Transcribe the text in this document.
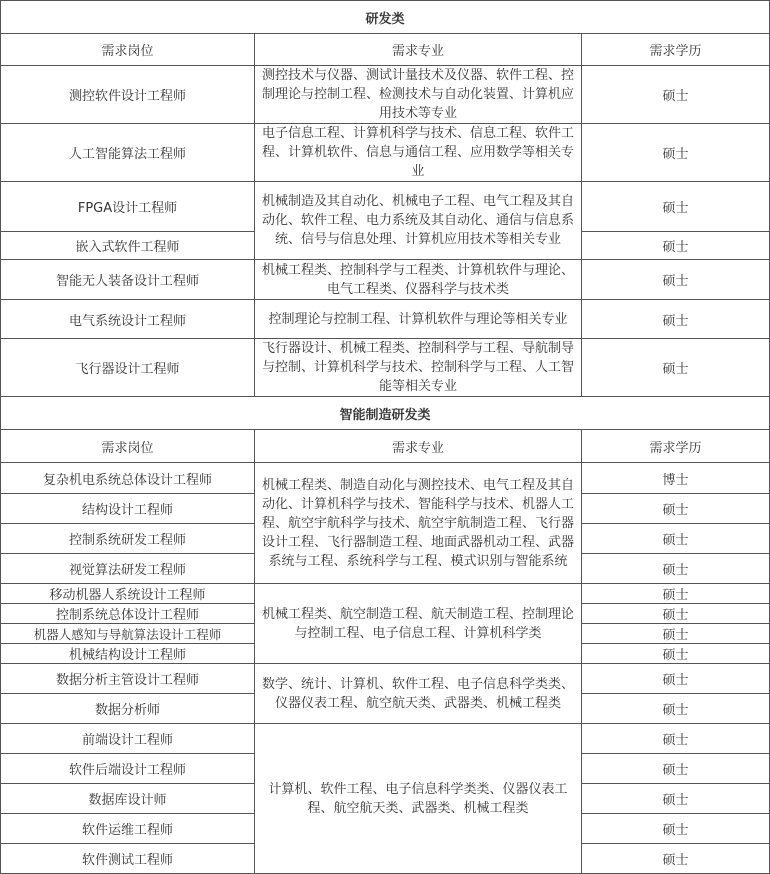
研发类		
需求岗位	需求专业	需求学历
测控软件设计工程师	测控技术与仪器、测试计量技术及仪器、软件工程、控制理论与控制工程、检测技术与自动化装置、计算机应用技术等专业	硕士
人工智能算法工程师	电子信息工程、计算机科学与技术、信息工程、软件工程、计算机软件、信息与通信工程、应用数学等相关专业	硕士
FPGA设计工程师	机械制造及其自动化、机械电子工程、电气工程及其自动化、软件工程、电力系统及其自动化、通信与信息系统、信号与信息处理、计算机应用技术等相关专业	硕士
嵌入式软件工程师		硕士
智能无人装备设计工程师	机械工程类、控制科学与工程类、计算机软件与理论、电气工程类、仪器科学与技术类	硕士
电气系统设计工程师	控制理论与控制工程、计算机软件与理论等相关专业	硕士
飞行器设计工程师	飞行器设计、机械工程类、控制科学与工程、导航制导与控制、计算机科学与技术、控制科学与工程、人工智能等相关专业	硕士
智能制造研发类		
需求岗位	需求专业	需求学历
复杂机电系统总体设计工程师	机械工程类、制造自动化与测控技术、电气工程及其自动化、计算机科学与技术、智能科学与技术、机器人工程、航空宇航科学与技术、航空宇航制造工程、飞行器设计工程、飞行器制造工程、地面武器机动工程、武器系统与工程、系统科学与工程、模式识别与智能系统	博士
结构设计工程师		硕士
控制系统研发工程师		硕士
视觉算法研发工程师		硕士
移动机器人系统设计工程师	机械工程类、航空制造工程、航天制造工程、控制理论与控制工程、电子信息工程、计算机科学类	硕士
控制系统总体设计工程师		硕士
机器人感知与导航算法设计工程师		硕士
机械结构设计工程师		硕士
数据分析主管设计工程师	数学、统计、计算机、软件工程、电子信息科学类类、仪器仪表工程、航空航天类、武器类、机械工程类	硕士
数据分析师		硕士
前端设计工程师	计算机、软件工程、电子信息科学类类、仪器仪表工程、航空航天类、武器类、机械工程类	硕士
软件后端设计工程师		硕士
数据库设计师		硕士
软件运维工程师		硕士
软件测试工程师		硕士
